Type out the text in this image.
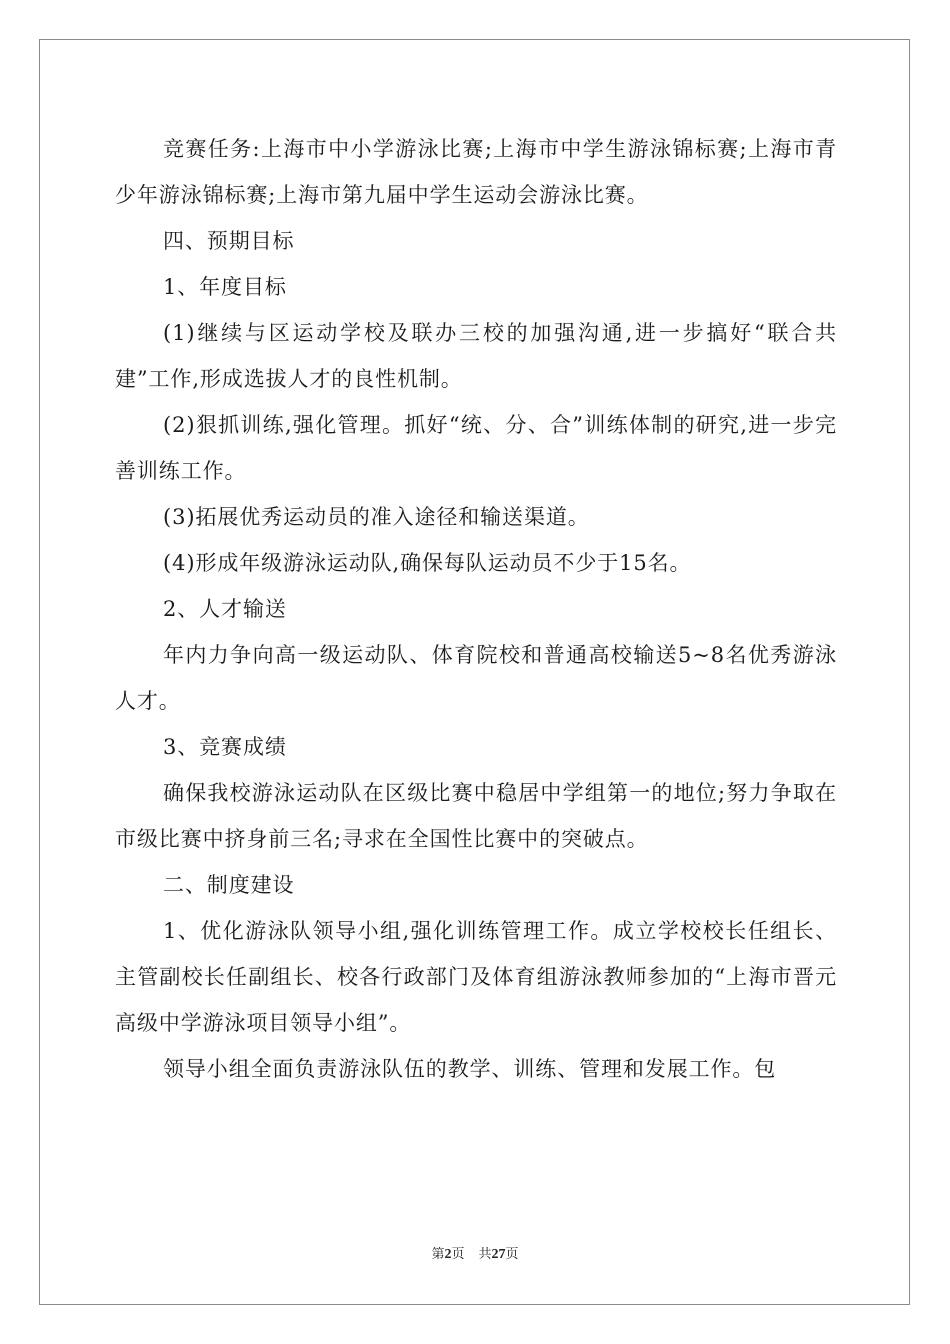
竞赛任务:上海市中小学游泳比赛;上海市中学生游泳锦标赛;上海市青少年游泳锦标赛;上海市第九届中学生运动会游泳比赛。

四、预期目标

1、年度目标

(1)继续与区运动学校及联办三校的加强沟通,进一步搞好“联合共建”工作,形成选拔人才的良性机制。

(2)狠抓训练,强化管理。抓好“统、分、合”训练体制的研究,进一步完善训练工作。

(3)拓展优秀运动员的准入途径和输送渠道。

(4)形成年级游泳运动队,确保每队运动员不少于15名。

2、人才输送

年内力争向高一级运动队、体育院校和普通高校输送5~8名优秀游泳人才。

3、竞赛成绩

确保我校游泳运动队在区级比赛中稳居中学组第一的地位;努力争取在市级比赛中挤身前三名;寻求在全国性比赛中的突破点。

二、制度建设

1、优化游泳队领导小组,强化训练管理工作。成立学校校长任组长、主管副校长任副组长、校各行政部门及体育组游泳教师参加的“上海市晋元高级中学游泳项目领导小组”。

领导小组全面负责游泳队伍的教学、训练、管理和发展工作。包

第2页 共27页
